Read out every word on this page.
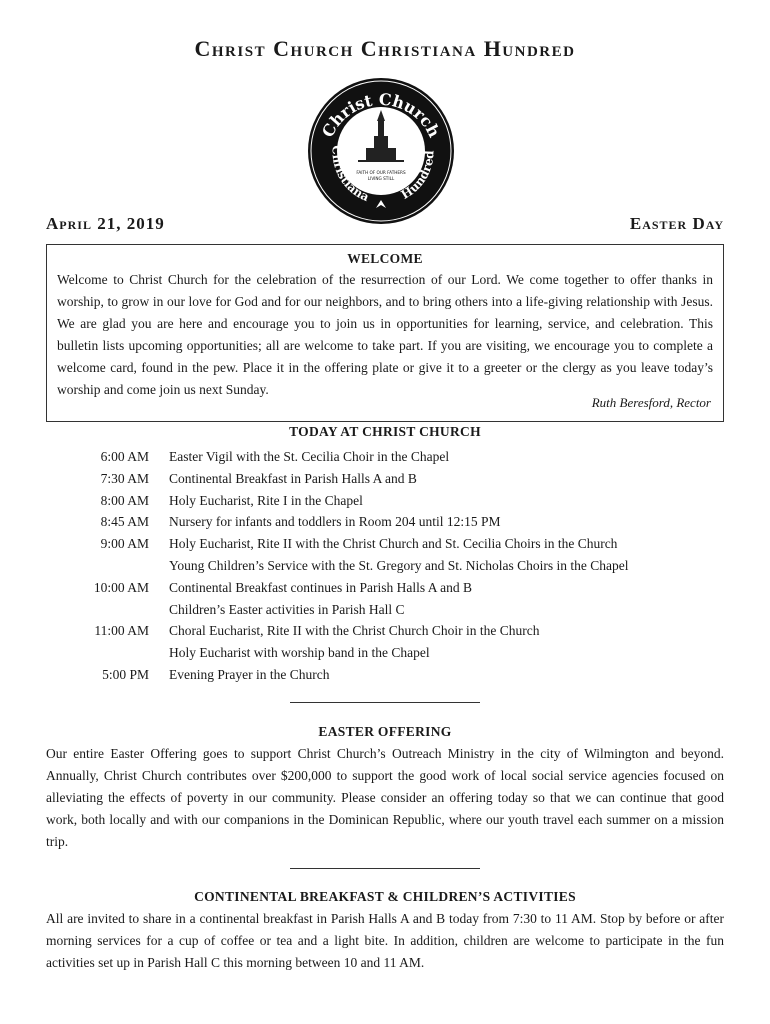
Christ Church Christiana Hundred
Christ Church
Christiana Hundred
FAITH OF OUR FATHERS
LIVING STILL
April 21, 2019	Easter Day
WELCOME
Welcome to Christ Church for the celebration of the resurrection of our Lord. We come together to offer thanks in worship, to grow in our love for God and for our neighbors, and to bring others into a life-giving relationship with Jesus. We are glad you are here and encourage you to join us in opportunities for learning, service, and celebration. This bulletin lists upcoming opportunities; all are welcome to take part. If you are visiting, we encourage you to complete a welcome card, found in the pew. Place it in the offering plate or give it to a greeter or the clergy as you leave today’s worship and come join us next Sunday.
Ruth Beresford, Rector
TODAY AT CHRIST CHURCH
6:00 AM	Easter Vigil with the St. Cecilia Choir in the Chapel
7:30 AM	Continental Breakfast in Parish Halls A and B
8:00 AM	Holy Eucharist, Rite I in the Chapel
8:45 AM	Nursery for infants and toddlers in Room 204 until 12:15 PM
9:00 AM	Holy Eucharist, Rite II with the Christ Church and St. Cecilia Choirs in the Church
Young Children’s Service with the St. Gregory and St. Nicholas Choirs in the Chapel
10:00 AM	Continental Breakfast continues in Parish Halls A and B
Children’s Easter activities in Parish Hall C
11:00 AM	Choral Eucharist, Rite II with the Christ Church Choir in the Church
Holy Eucharist with worship band in the Chapel
5:00 PM	Evening Prayer in the Church
EASTER OFFERING
Our entire Easter Offering goes to support Christ Church’s Outreach Ministry in the city of Wilmington and beyond. Annually, Christ Church contributes over $200,000 to support the good work of local social service agencies focused on alleviating the effects of poverty in our community. Please consider an offering today so that we can continue that good work, both locally and with our companions in the Dominican Republic, where our youth travel each summer on a mission trip.
CONTINENTAL BREAKFAST & CHILDREN’S ACTIVITIES
All are invited to share in a continental breakfast in Parish Halls A and B today from 7:30 to 11 AM. Stop by before or after morning services for a cup of coffee or tea and a light bite. In addition, children are welcome to participate in the fun activities set up in Parish Hall C this morning between 10 and 11 AM.
